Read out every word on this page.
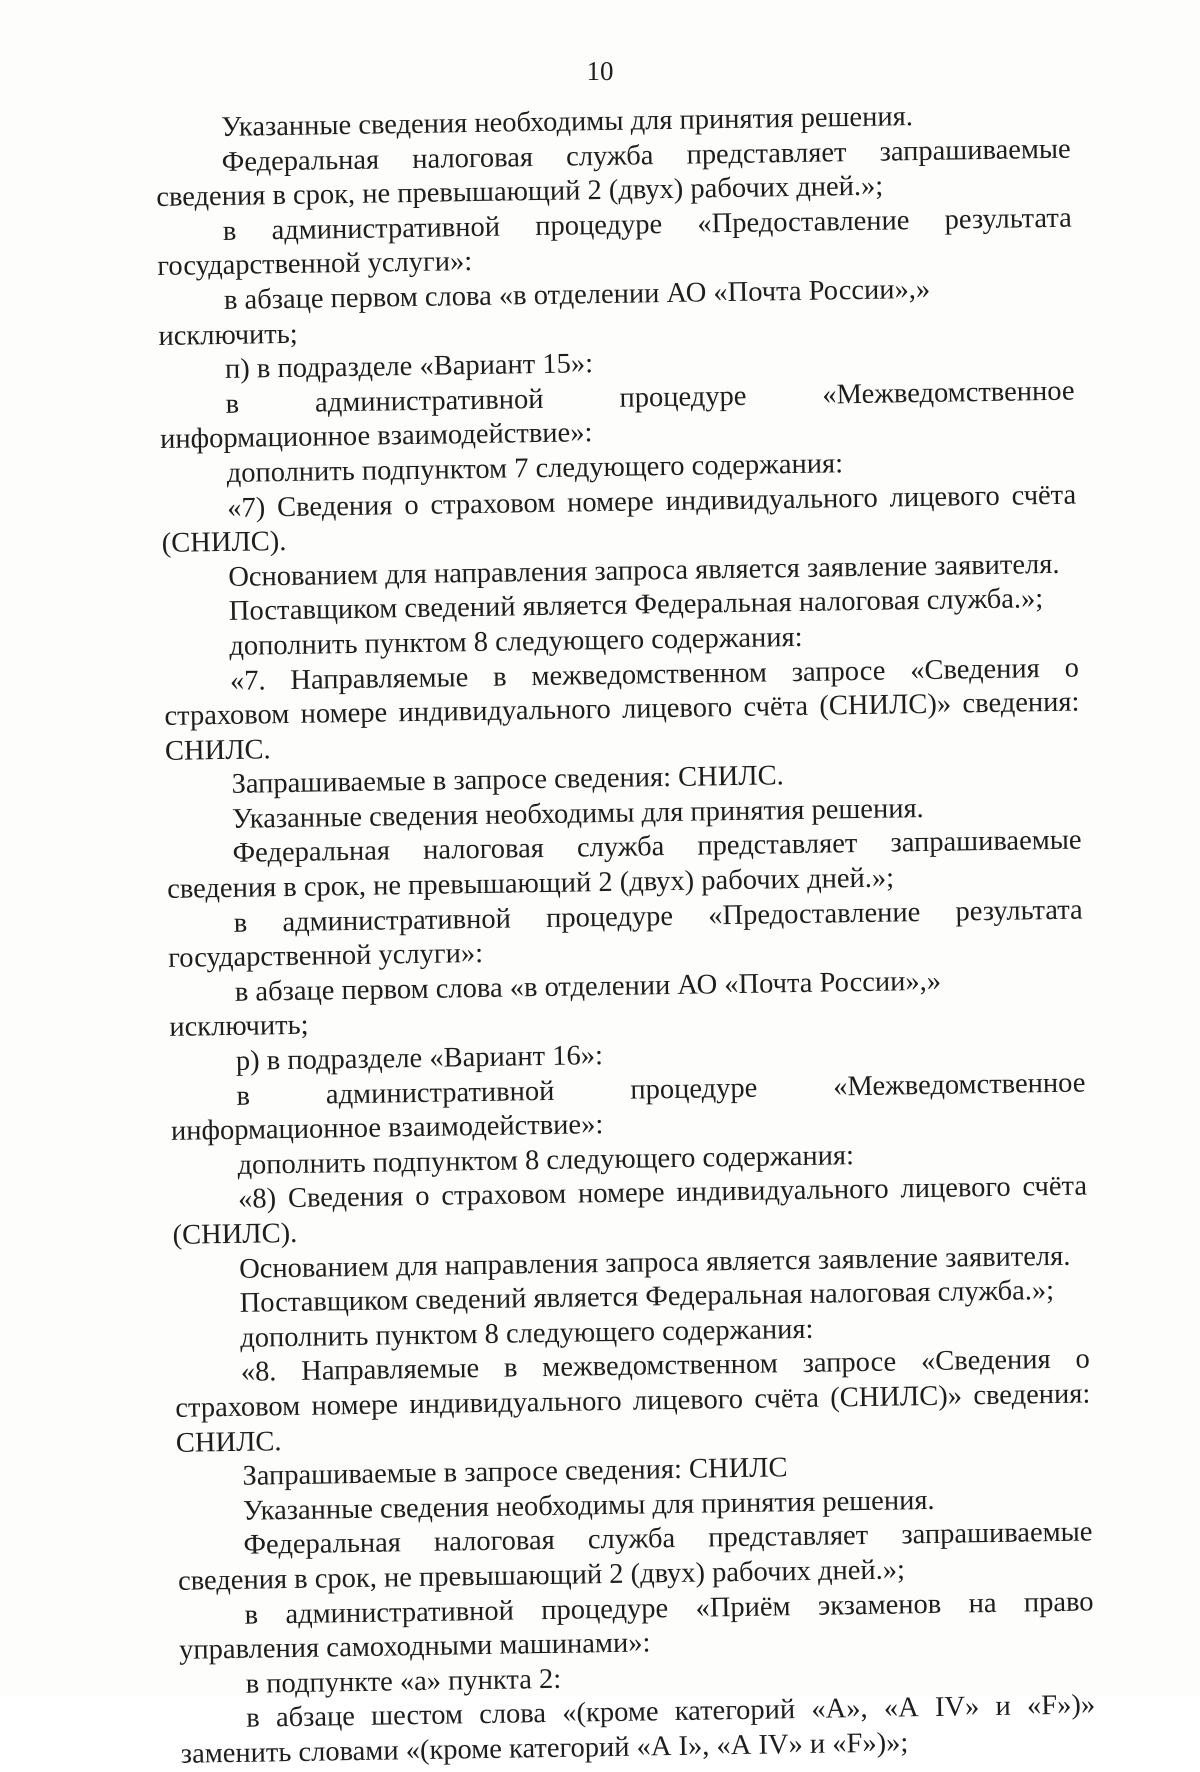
10

Указанные сведения необходимы для принятия решения.

Федеральная налоговая служба представляет запрашиваемые сведения в срок, не превышающий 2 (двух) рабочих дней.»;

в административной процедуре «Предоставление результата государственной услуги»:

в абзаце первом слова «в отделении АО «Почта России»,» исключить;

п) в подразделе «Вариант 15»:

в административной процедуре «Межведомственное информационное взаимодействие»:

дополнить подпунктом 7 следующего содержания:

«7) Сведения о страховом номере индивидуального лицевого счёта (СНИЛС).

Основанием для направления запроса является заявление заявителя.

Поставщиком сведений является Федеральная налоговая служба.»;

дополнить пунктом 8 следующего содержания:

«7. Направляемые в межведомственном запросе «Сведения о страховом номере индивидуального лицевого счёта (СНИЛС)» сведения: СНИЛС.

Запрашиваемые в запросе сведения: СНИЛС.

Указанные сведения необходимы для принятия решения.

Федеральная налоговая служба представляет запрашиваемые сведения в срок, не превышающий 2 (двух) рабочих дней.»;

в административной процедуре «Предоставление результата государственной услуги»:

в абзаце первом слова «в отделении АО «Почта России»,» исключить;

р) в подразделе «Вариант 16»:

в административной процедуре «Межведомственное информационное взаимодействие»:

дополнить подпунктом 8 следующего содержания:

«8) Сведения о страховом номере индивидуального лицевого счёта (СНИЛС).

Основанием для направления запроса является заявление заявителя.

Поставщиком сведений является Федеральная налоговая служба.»;

дополнить пунктом 8 следующего содержания:

«8. Направляемые в межведомственном запросе «Сведения о страховом номере индивидуального лицевого счёта (СНИЛС)» сведения: СНИЛС.

Запрашиваемые в запросе сведения: СНИЛС

Указанные сведения необходимы для принятия решения.

Федеральная налоговая служба представляет запрашиваемые сведения в срок, не превышающий 2 (двух) рабочих дней.»;

в административной процедуре «Приём экзаменов на право управления самоходными машинами»:

в подпункте «а» пункта 2:

в абзаце шестом слова «(кроме категорий «А», «А IV» и «F»)» заменить словами «(кроме категорий «А I», «А IV» и «F»)»;
